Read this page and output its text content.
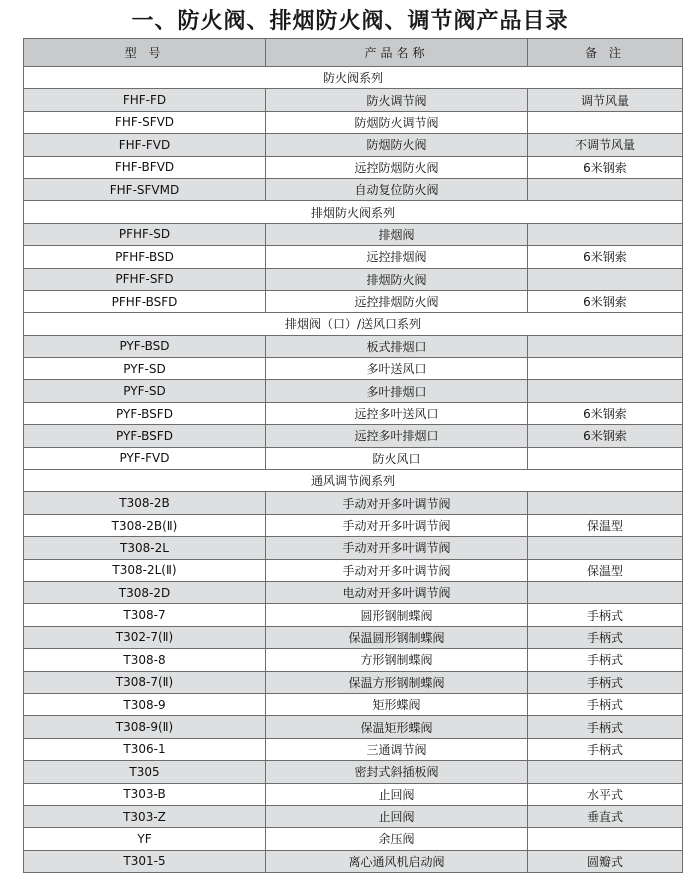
一、防火阀、排烟防火阀、调节阀产品目录
型 号	产品名称	备 注
防火阀系列		
FHF-FD	防火调节阀	调节风量
FHF-SFVD	防烟防火调节阀	
FHF-FVD	防烟防火阀	不调节风量
FHF-BFVD	远控防烟防火阀	6米钢索
FHF-SFVMD	自动复位防火阀	
排烟防火阀系列		
PFHF-SD	排烟阀	
PFHF-BSD	远控排烟阀	6米钢索
PFHF-SFD	排烟防火阀	
PFHF-BSFD	远控排烟防火阀	6米钢索
排烟阀（口）/送风口系列		
PYF-BSD	板式排烟口	
PYF-SD	多叶送风口	
PYF-SD	多叶排烟口	
PYF-BSFD	远控多叶送风口	6米钢索
PYF-BSFD	远控多叶排烟口	6米钢索
PYF-FVD	防火风口	
通风调节阀系列		
T308-2B	手动对开多叶调节阀	
T308-2B(Ⅱ)	手动对开多叶调节阀	保温型
T308-2L	手动对开多叶调节阀	
T308-2L(Ⅱ)	手动对开多叶调节阀	保温型
T308-2D	电动对开多叶调节阀	
T308-7	圆形钢制蝶阀	手柄式
T302-7(Ⅱ)	保温圆形钢制蝶阀	手柄式
T308-8	方形钢制蝶阀	手柄式
T308-7(Ⅱ)	保温方形钢制蝶阀	手柄式
T308-9	矩形蝶阀	手柄式
T308-9(Ⅱ)	保温矩形蝶阀	手柄式
T306-1	三通调节阀	手柄式
T305	密封式斜插板阀	
T303-B	止回阀	水平式
T303-Z	止回阀	垂直式
YF	余压阀	
T301-5	离心通风机启动阀	圆瓣式
